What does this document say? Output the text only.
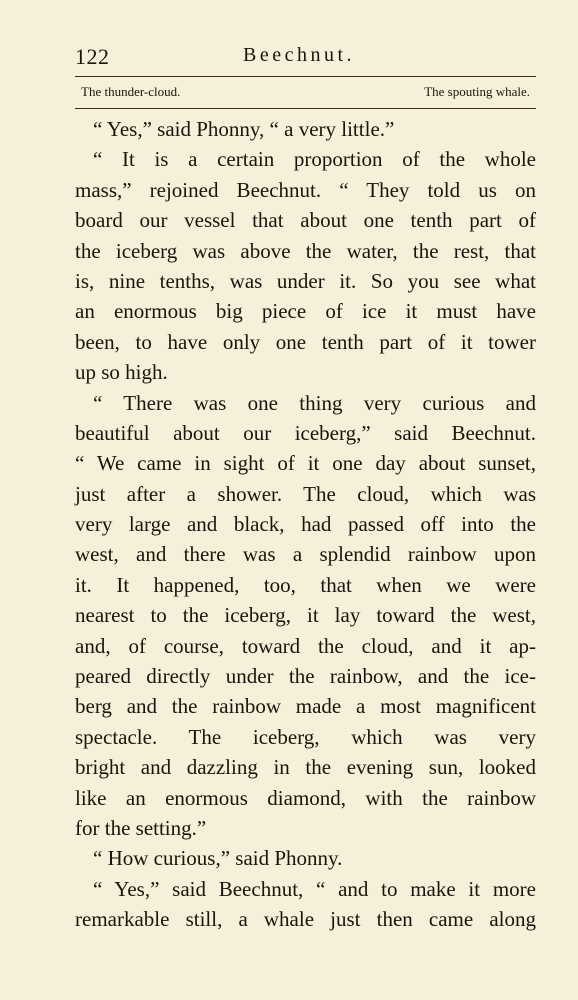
122	Beechnut.
The thunder-cloud.	The spouting whale.
“ Yes,” said Phonny, “ a very little.”
“ It is a certain proportion of the whole
mass,” rejoined Beechnut. “ They told us on
board our vessel that about one tenth part of
the iceberg was above the water, the rest, that
is, nine tenths, was under it. So you see what
an enormous big piece of ice it must have
been, to have only one tenth part of it tower
up so high.
“ There was one thing very curious and
beautiful about our iceberg,” said Beechnut.
“ We came in sight of it one day about sunset,
just after a shower. The cloud, which was
very large and black, had passed off into the
west, and there was a splendid rainbow upon
it. It happened, too, that when we were
nearest to the iceberg, it lay toward the west,
and, of course, toward the cloud, and it ap-
peared directly under the rainbow, and the ice-
berg and the rainbow made a most magnificent
spectacle. The iceberg, which was very
bright and dazzling in the evening sun, looked
like an enormous diamond, with the rainbow
for the setting.”
“ How curious,” said Phonny.
“ Yes,” said Beechnut, “ and to make it more
remarkable still, a whale just then came along
